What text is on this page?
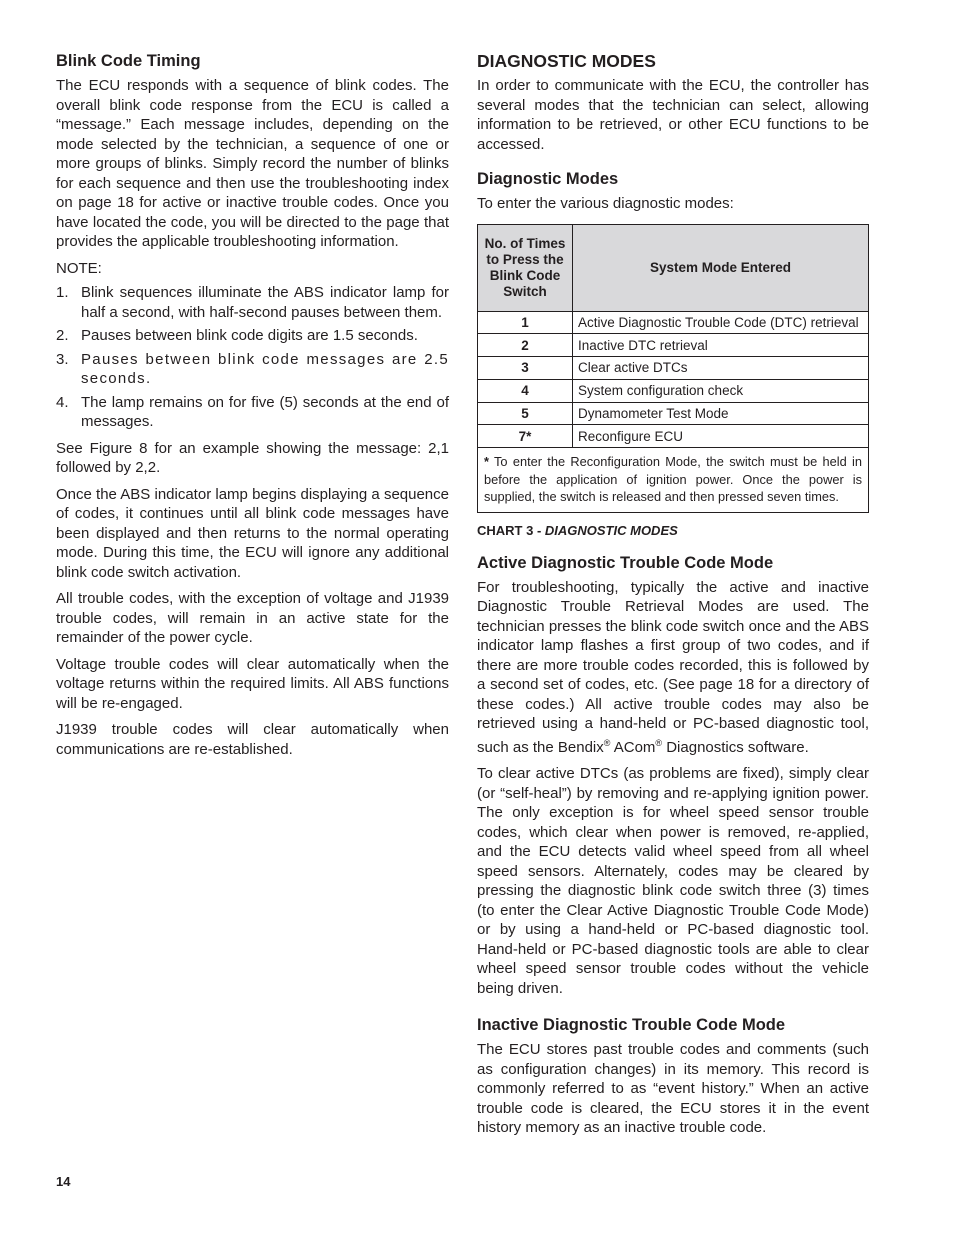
Blink Code Timing

The ECU responds with a sequence of blink codes. The overall blink code response from the ECU is called a “message.” Each message includes, depending on the mode selected by the technician, a sequence of one or more groups of blinks. Simply record the number of blinks for each sequence and then use the troubleshooting index on page 18 for active or inactive trouble codes. Once you have located the code, you will be directed to the page that provides the applicable troubleshooting information.

NOTE:

1. Blink sequences illuminate the ABS indicator lamp for half a second, with half-second pauses between them.
2. Pauses between blink code digits are 1.5 seconds.
3. Pauses between blink code messages are 2.5 seconds.
4. The lamp remains on for five (5) seconds at the end of messages.

See Figure 8 for an example showing the message: 2,1 followed by 2,2.

Once the ABS indicator lamp begins displaying a sequence of codes, it continues until all blink code messages have been displayed and then returns to the normal operating mode. During this time, the ECU will ignore any additional blink code switch activation.

All trouble codes, with the exception of voltage and J1939 trouble codes, will remain in an active state for the remainder of the power cycle.

Voltage trouble codes will clear automatically when the voltage returns within the required limits. All ABS functions will be re-engaged.

J1939 trouble codes will clear automatically when communications are re-established.

DIAGNOSTIC MODES

In order to communicate with the ECU, the controller has several modes that the technician can select, allowing information to be retrieved, or other ECU functions to be accessed.

Diagnostic Modes

To enter the various diagnostic modes:

No. of Times to Press the Blink Code Switch	System Mode Entered
1	Active Diagnostic Trouble Code (DTC) retrieval
2	Inactive DTC retrieval
3	Clear active DTCs
4	System configuration check
5	Dynamometer Test Mode
7*	Reconfigure ECU
* To enter the Reconfiguration Mode, the switch must be held in before the application of ignition power. Once the power is supplied, the switch is released and then pressed seven times.	
CHART 3 - DIAGNOSTIC MODES
Active Diagnostic Trouble Code Mode

For troubleshooting, typically the active and inactive Diagnostic Trouble Retrieval Modes are used. The technician presses the blink code switch once and the ABS indicator lamp flashes a first group of two codes, and if there are more trouble codes recorded, this is followed by a second set of codes, etc. (See page 18 for a directory of these codes.) All active trouble codes may also be retrieved using a hand-held or PC-based diagnostic tool, such as the Bendix® ACom® Diagnostics software.

To clear active DTCs (as problems are fixed), simply clear (or “self-heal”) by removing and re-applying ignition power. The only exception is for wheel speed sensor trouble codes, which clear when power is removed, re-applied, and the ECU detects valid wheel speed from all wheel speed sensors. Alternately, codes may be cleared by pressing the diagnostic blink code switch three (3) times (to enter the Clear Active Diagnostic Trouble Code Mode) or by using a hand-held or PC-based diagnostic tool. Hand-held or PC-based diagnostic tools are able to clear wheel speed sensor trouble codes without the vehicle being driven.

Inactive Diagnostic Trouble Code Mode

The ECU stores past trouble codes and comments (such as configuration changes) in its memory. This record is commonly referred to as “event history.” When an active trouble code is cleared, the ECU stores it in the event history memory as an inactive trouble code.

14
